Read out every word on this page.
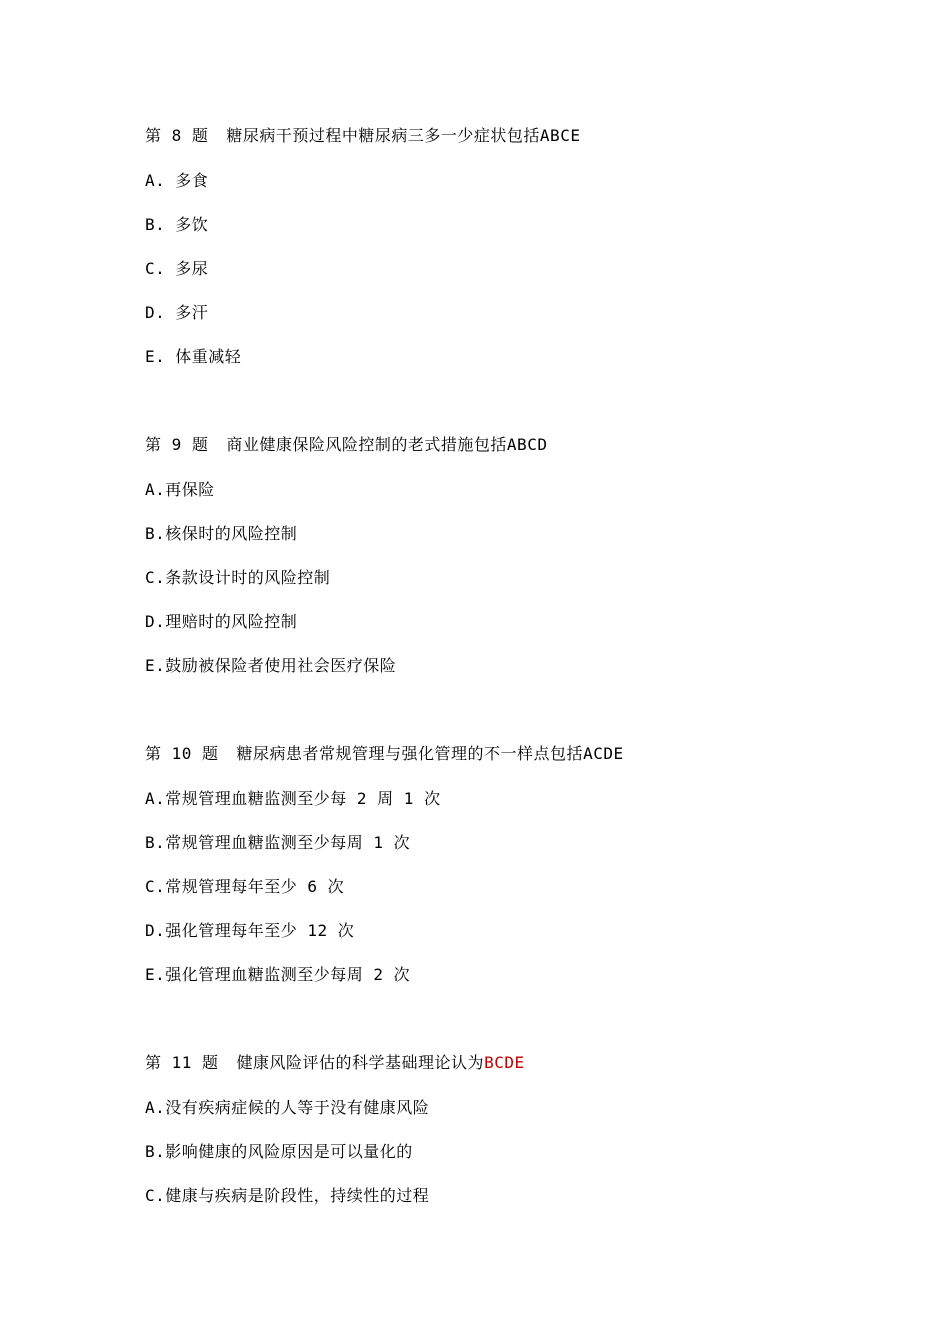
第 8 题 糖尿病干预过程中糖尿病三多一少症状包括ABCE
A. 多食
B. 多饮
C. 多尿
D. 多汗
E. 体重减轻
第 9 题 商业健康保险风险控制的老式措施包括ABCD
A.再保险
B.核保时的风险控制
C.条款设计时的风险控制
D.理赔时的风险控制
E.鼓励被保险者使用社会医疗保险
第 10 题 糖尿病患者常规管理与强化管理的不一样点包括ACDE
A.常规管理血糖监测至少每 2 周 1 次
B.常规管理血糖监测至少每周 1 次
C.常规管理每年至少 6 次
D.强化管理每年至少 12 次
E.强化管理血糖监测至少每周 2 次
第 11 题 健康风险评估的科学基础理论认为BCDE
A.没有疾病症候的人等于没有健康风险
B.影响健康的风险原因是可以量化的
C.健康与疾病是阶段性，持续性的过程
